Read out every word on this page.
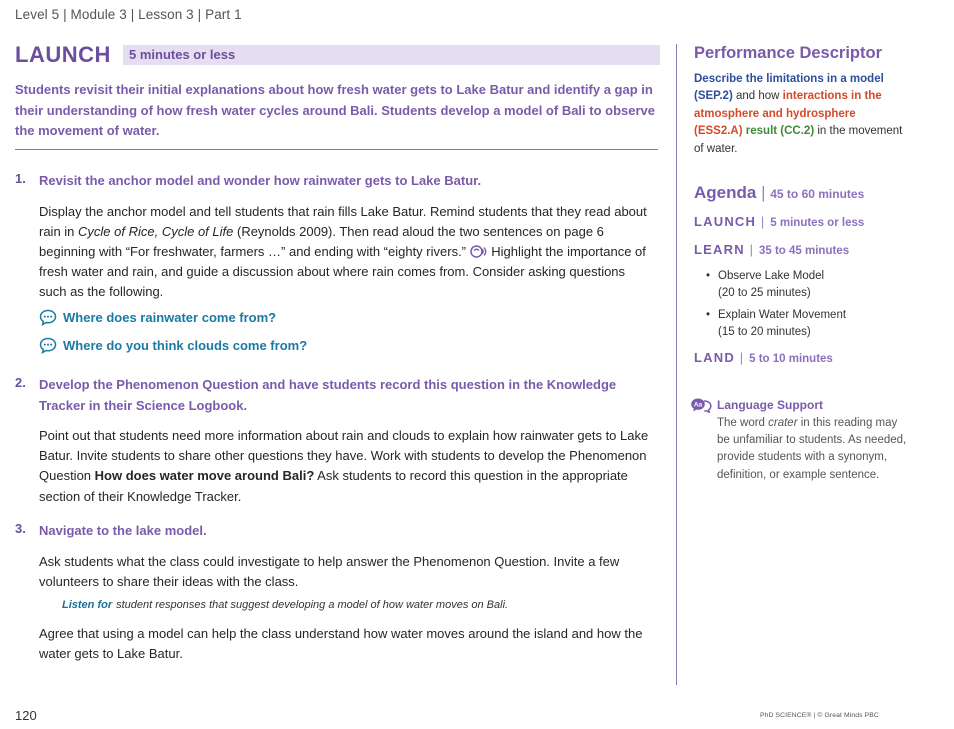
Level 5 | Module 3 | Lesson 3 | Part 1
5 minutes or less
LAUNCH

Students revisit their initial explanations about how fresh water gets to Lake Batur and identify a gap in their understanding of how fresh water cycles around Bali. Students develop a model of Bali to observe the movement of water.

1. Revisit the anchor model and wonder how rainwater gets to Lake Batur.

Display the anchor model and tell students that rain fills Lake Batur. Remind students that they read about rain in Cycle of Rice, Cycle of Life (Reynolds 2009). Then read aloud the two sentences on page 6 beginning with “For freshwater, farmers …” and ending with “eighty rivers.”  Highlight the importance of fresh water and rain, and guide a discussion about where rain comes from. Consider asking questions such as the following.

Where does rainwater come from?
Where do you think clouds come from?
2. Develop the Phenomenon Question and have students record this question in the Knowledge Tracker in their Science Logbook.

Point out that students need more information about rain and clouds to explain how rainwater gets to Lake Batur. Invite students to share other questions they have. Work with students to develop the Phenomenon Question How does water move around Bali? Ask students to record this question in the appropriate section of their Knowledge Tracker.

3. Navigate to the lake model.

Ask students what the class could investigate to help answer the Phenomenon Question. Invite a few volunteers to share their ideas with the class.

Listen for student responses that suggest developing a model of how water moves on Bali.

Agree that using a model can help the class understand how water moves around the island and how the water gets to Lake Batur.

Performance Descriptor

Describe the limitations in a model (SEP.2) and how interactions in the atmosphere and hydrosphere (ESS2.A) result (CC.2) in the movement of water.

Agenda | 45 to 60 minutes
LAUNCH | 5 minutes or less
LEARN | 35 to 45 minutes
• Observe Lake Model
(20 to 25 minutes)
• Explain Water Movement
(15 to 20 minutes)
LAND | 5 to 10 minutes
Aa Language Support

The word crater in this reading may be unfamiliar to students. As needed, provide students with a synonym, definition, or example sentence.

120	PhD SCIENCE® | © Great Minds PBC
